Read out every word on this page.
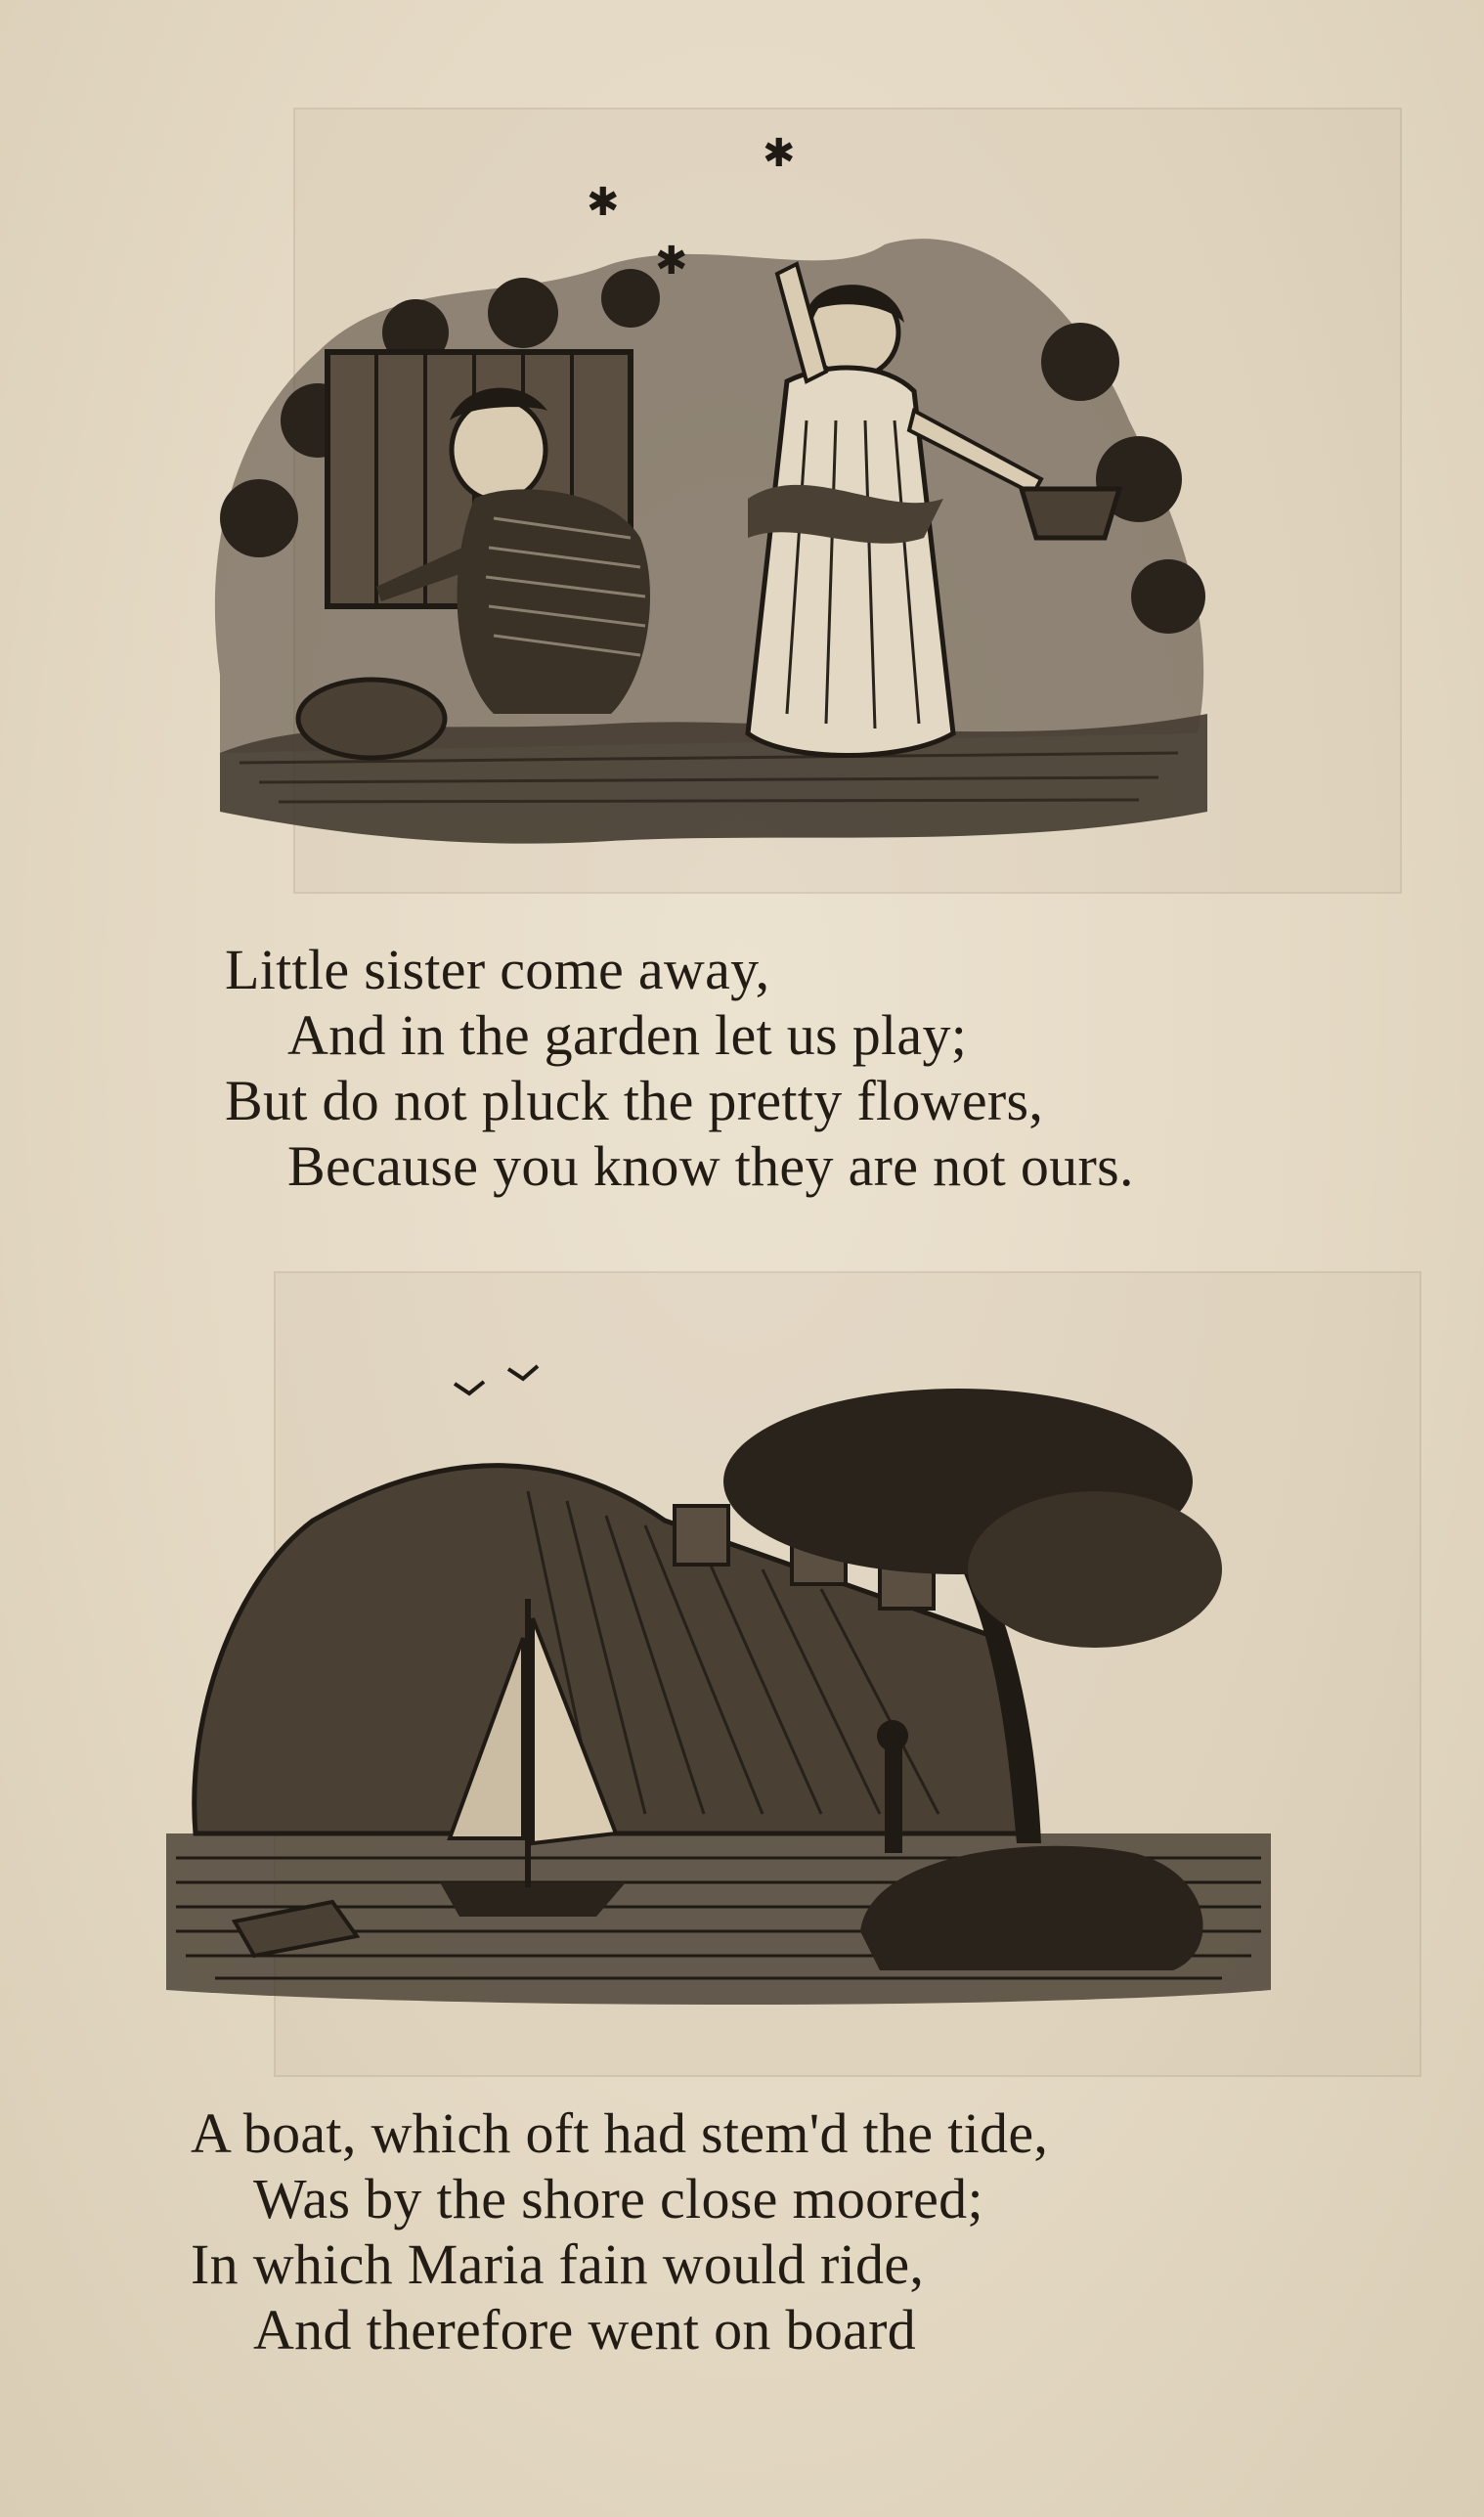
✱
✱
✱
Little sister come away,
And in the garden let us play;
But do not pluck the pretty flowers,
Because you know they are not ours.
A boat, which oft had stem'd the tide,
Was by the shore close moored;
In which Maria fain would ride,
And therefore went on board
